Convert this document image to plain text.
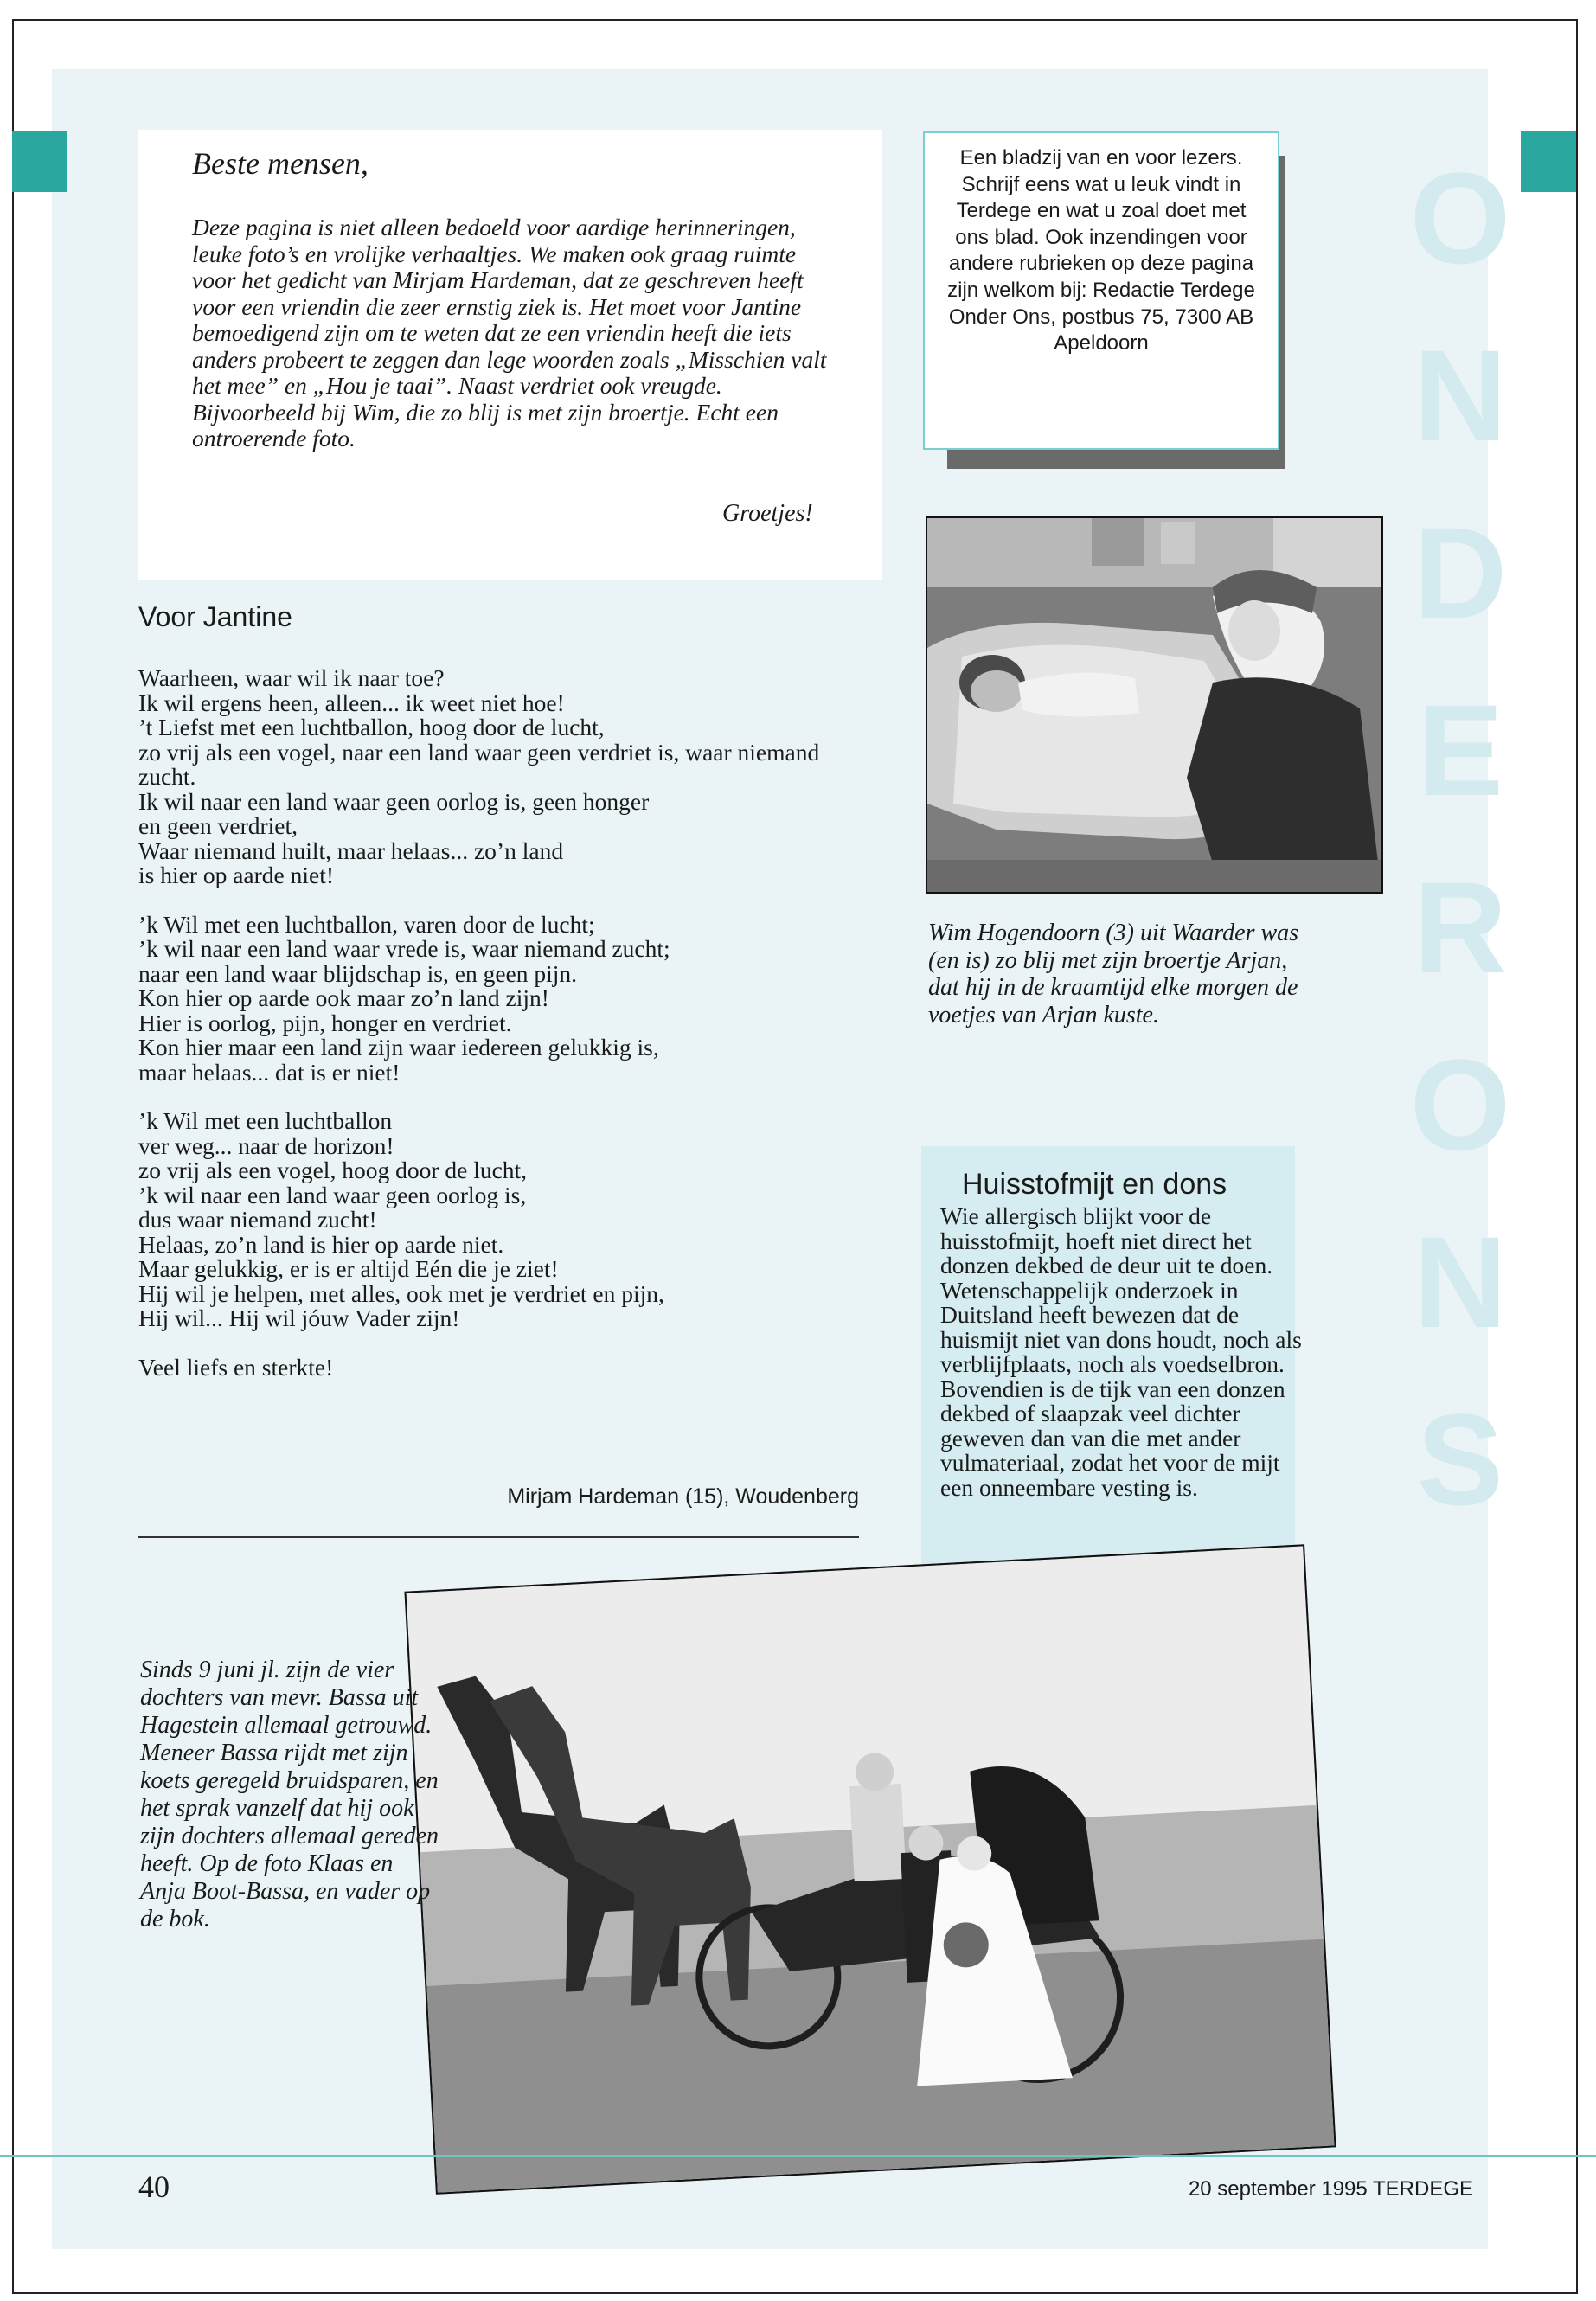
O
N
D
E
R
O
N
S
Beste mensen,
Deze pagina is niet alleen bedoeld voor aardige herinneringen, leuke foto’s en vrolijke verhaaltjes. We maken ook graag ruimte voor het gedicht van Mirjam Hardeman, dat ze geschreven heeft voor een vriendin die zeer ernstig ziek is. Het moet voor Jantine bemoedigend zijn om te weten dat ze een vriendin heeft die iets anders probeert te zeggen dan lege woorden zoals „Misschien valt het mee” en „Hou je taai”. Naast verdriet ook vreugde. Bijvoorbeeld bij Wim, die zo blij is met zijn broertje. Echt een ontroerende foto.
Groetjes!
Een bladzij van en voor lezers. Schrijf eens wat u leuk vindt in Terdege en wat u zoal doet met ons blad. Ook inzendingen voor andere rubrieken op deze pagina zijn welkom bij: Redactie Terdege Onder Ons, postbus 75, 7300 AB Apeldoorn
Wim Hogendoorn (3) uit Waarder was (en is) zo blij met zijn broertje Arjan, dat hij in de kraamtijd elke morgen de voetjes van Arjan kuste.
Voor Jantine

Waarheen, waar wil ik naar toe?
Ik wil ergens heen, alleen... ik weet niet hoe!
’t Liefst met een luchtballon, hoog door de lucht,
zo vrij als een vogel, naar een land waar geen verdriet is, waar niemand zucht.
Ik wil naar een land waar geen oorlog is, geen honger
en geen verdriet,
Waar niemand huilt, maar helaas... zo’n land
is hier op aarde niet!

’k Wil met een luchtballon, varen door de lucht;
’k wil naar een land waar vrede is, waar niemand zucht;
naar een land waar blijdschap is, en geen pijn.
Kon hier op aarde ook maar zo’n land zijn!
Hier is oorlog, pijn, honger en verdriet.
Kon hier maar een land zijn waar iedereen gelukkig is,
maar helaas... dat is er niet!

’k Wil met een luchtballon
ver weg... naar de horizon!
zo vrij als een vogel, hoog door de lucht,
’k wil naar een land waar geen oorlog is,
dus waar niemand zucht!
Helaas, zo’n land is hier op aarde niet.
Maar gelukkig, er is er altijd Eén die je ziet!
Hij wil je helpen, met alles, ook met je verdriet en pijn,
Hij wil... Hij wil jóuw Vader zijn!

Veel liefs en sterkte!

Mirjam Hardeman (15), Woudenberg
Huisstofmijt en dons
Wie allergisch blijkt voor de huisstofmijt, hoeft niet direct het donzen dekbed de deur uit te doen. Wetenschappelijk onderzoek in Duitsland heeft bewezen dat de huismijt niet van dons houdt, noch als verblijfplaats, noch als voedselbron. Bovendien is de tijk van een donzen dekbed of slaapzak veel dichter geweven dan van die met ander vulmateriaal, zodat het voor de mijt een onneembare vesting is.
Sinds 9 juni jl. zijn de vier dochters van mevr. Bassa uit Hagestein allemaal getrouwd. Meneer Bassa rijdt met zijn koets geregeld bruidsparen, en het sprak vanzelf dat hij ook zijn dochters allemaal gereden heeft. Op de foto Klaas en Anja Boot-Bassa, en vader op de bok.
40	20 september 1995 TERDEGE
